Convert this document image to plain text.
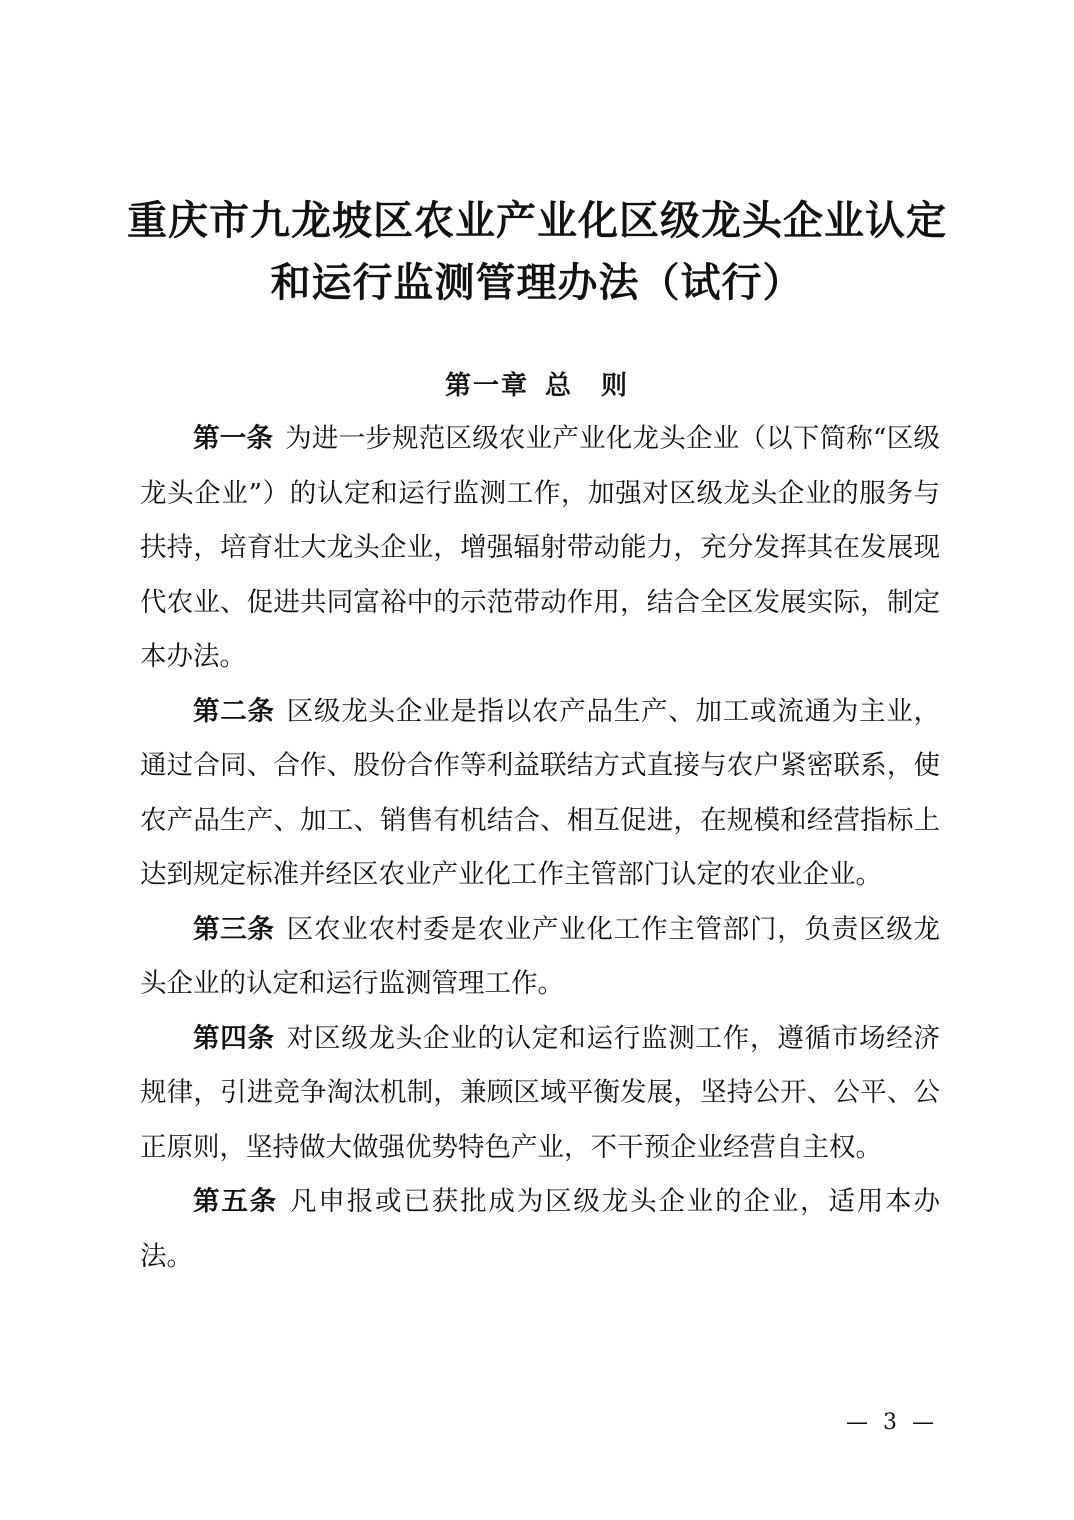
重庆市九龙坡区农业产业化区级龙头企业认定
和运行监测管理办法（试行）
第一章 总　则

第一条 为进一步规范区级农业产业化龙头企业（以下简称“区级龙头企业”）的认定和运行监测工作，加强对区级龙头企业的服务与扶持，培育壮大龙头企业，增强辐射带动能力，充分发挥其在发展现代农业、促进共同富裕中的示范带动作用，结合全区发展实际，制定本办法。

第二条 区级龙头企业是指以农产品生产、加工或流通为主业，通过合同、合作、股份合作等利益联结方式直接与农户紧密联系，使农产品生产、加工、销售有机结合、相互促进，在规模和经营指标上达到规定标准并经区农业产业化工作主管部门认定的农业企业。

第三条 区农业农村委是农业产业化工作主管部门，负责区级龙头企业的认定和运行监测管理工作。

第四条 对区级龙头企业的认定和运行监测工作，遵循市场经济规律，引进竞争淘汰机制，兼顾区域平衡发展，坚持公开、公平、公正原则，坚持做大做强优势特色产业，不干预企业经营自主权。

第五条 凡申报或已获批成为区级龙头企业的企业，适用本办法。

— 3 —
